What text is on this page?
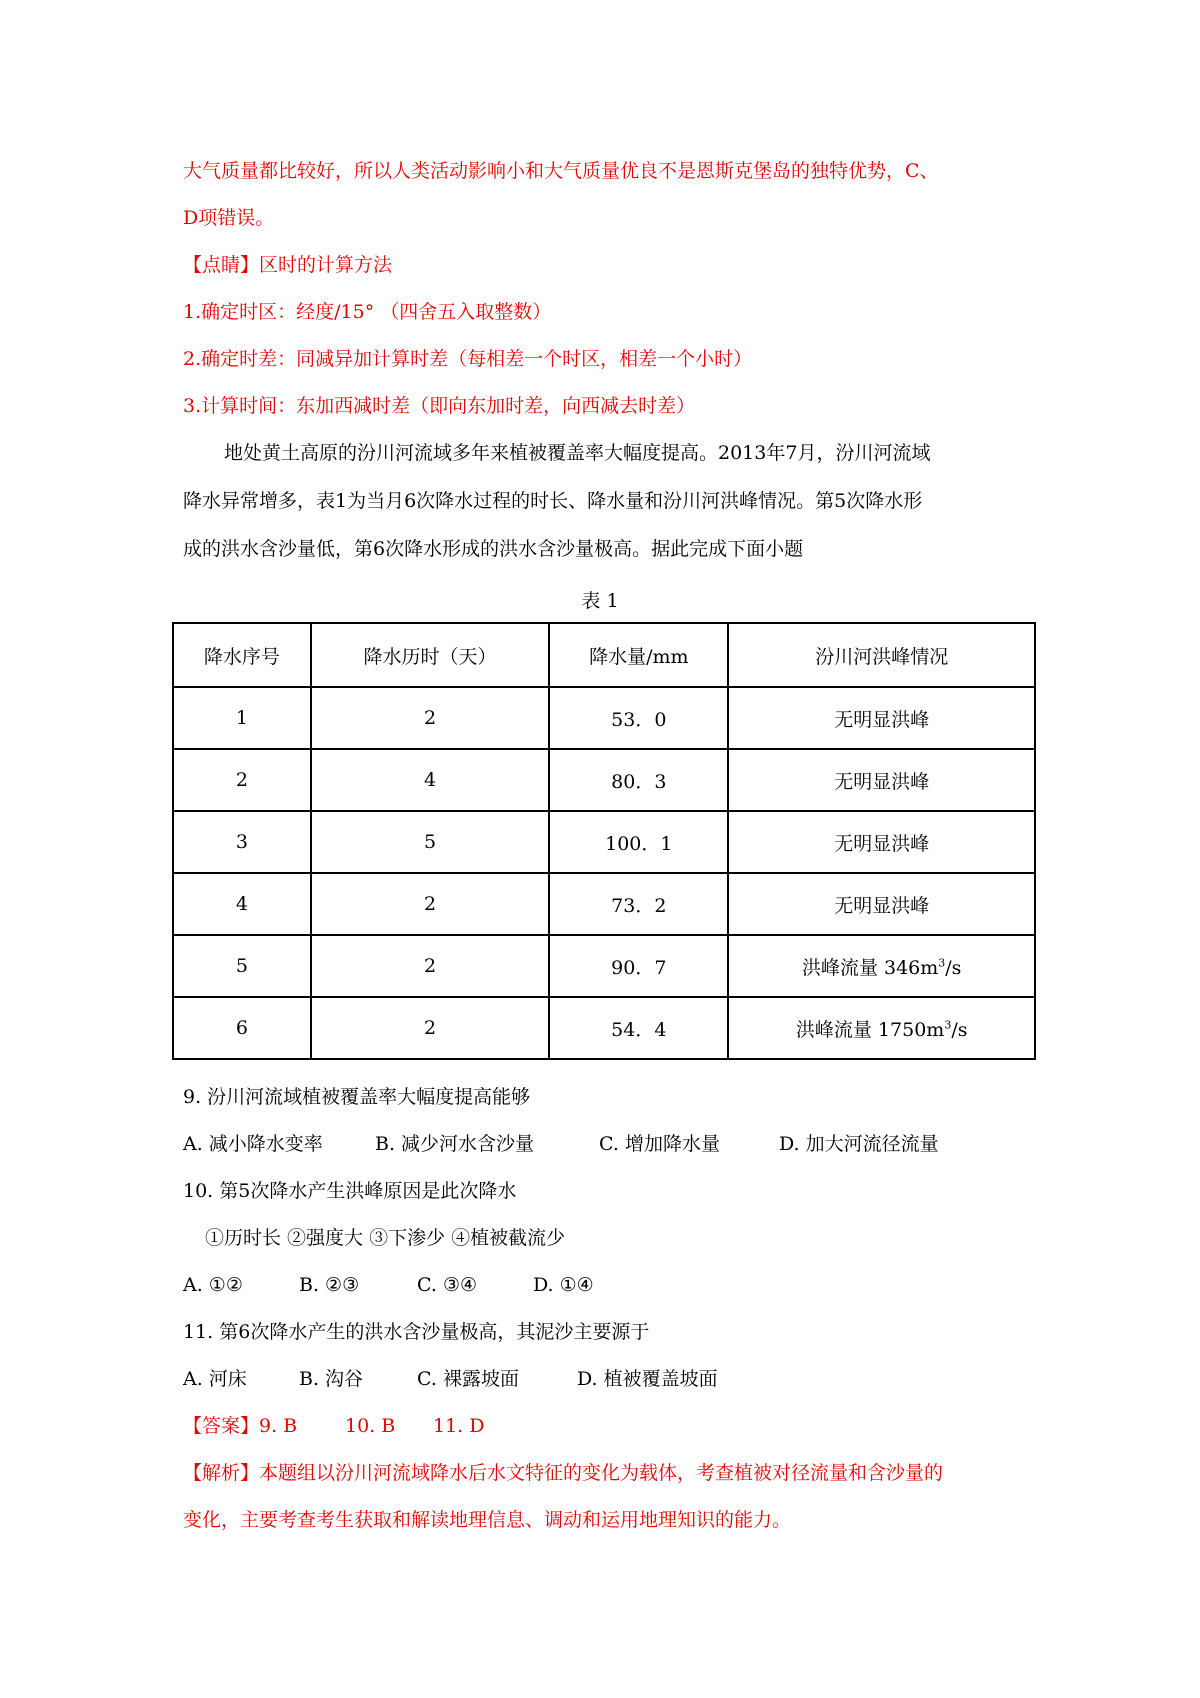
大气质量都比较好，所以人类活动影响小和大气质量优良不是恩斯克堡岛的独特优势，C、
D项错误。
【点睛】区时的计算方法
1.确定时区：经度/15° （四舍五入取整数）
2.确定时差：同减异加计算时差（每相差一个时区，相差一个小时）
3.计算时间：东加西减时差（即向东加时差，向西减去时差）
地处黄土高原的汾川河流域多年来植被覆盖率大幅度提高。2013年7月，汾川河流域
降水异常增多，表1为当月6次降水过程的时长、降水量和汾川河洪峰情况。第5次降水形
成的洪水含沙量低，第6次降水形成的洪水含沙量极高。据此完成下面小题
表 1
降水序号	降水历时（天）	降水量/mm	汾川河洪峰情况
1	2	53．0	无明显洪峰
2	4	80．3	无明显洪峰
3	5	100．1	无明显洪峰
4	2	73．2	无明显洪峰
5	2	90．7	洪峰流量 $346m^3/s$
6	2	54．4	洪峰流量 $1750m^3/s$
9. 汾川河流域植被覆盖率大幅度提高能够
A. 减小降水变率	B. 减少河水含沙量	C. 增加降水量	D. 加大河流径流量
10. 第5次降水产生洪峰原因是此次降水
①历时长 ②强度大 ③下渗少 ④植被截流少
A. ①②	B. ②③	C. ③④	D. ①④
11. 第6次降水产生的洪水含沙量极高，其泥沙主要源于
A. 河床	B. 沟谷	C. 裸露坡面	D. 植被覆盖坡面
【答案】9. B	10. B 11. D
【解析】本题组以汾川河流域降水后水文特征的变化为载体，考查植被对径流量和含沙量的
变化，主要考查考生获取和解读地理信息、调动和运用地理知识的能力。
